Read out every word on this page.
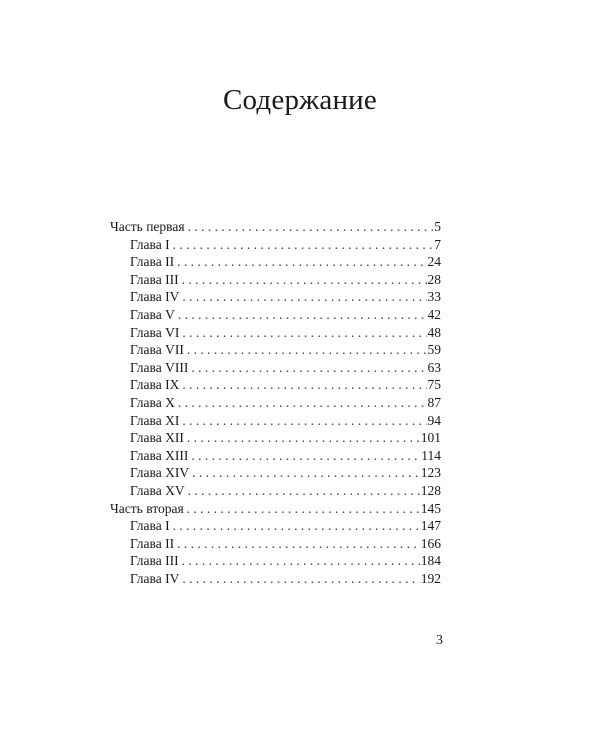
Содержание
Часть первая . . .	5
Глава I . . .	7
Глава II . . .	24
Глава III . . .	28
Глава IV . . .	33
Глава V . . .	42
Глава VI . . .	48
Глава VII . . .	59
Глава VIII . . .	63
Глава IX . . .	75
Глава X . . .	87
Глава XI . . .	94
Глава XII . . .	101
Глава XIII . . .	114
Глава XIV . . .	123
Глава XV . . .	128
Часть вторая . . .	145
Глава I . . .	147
Глава II . . .	166
Глава III . . .	184
Глава IV . . .	192
3
